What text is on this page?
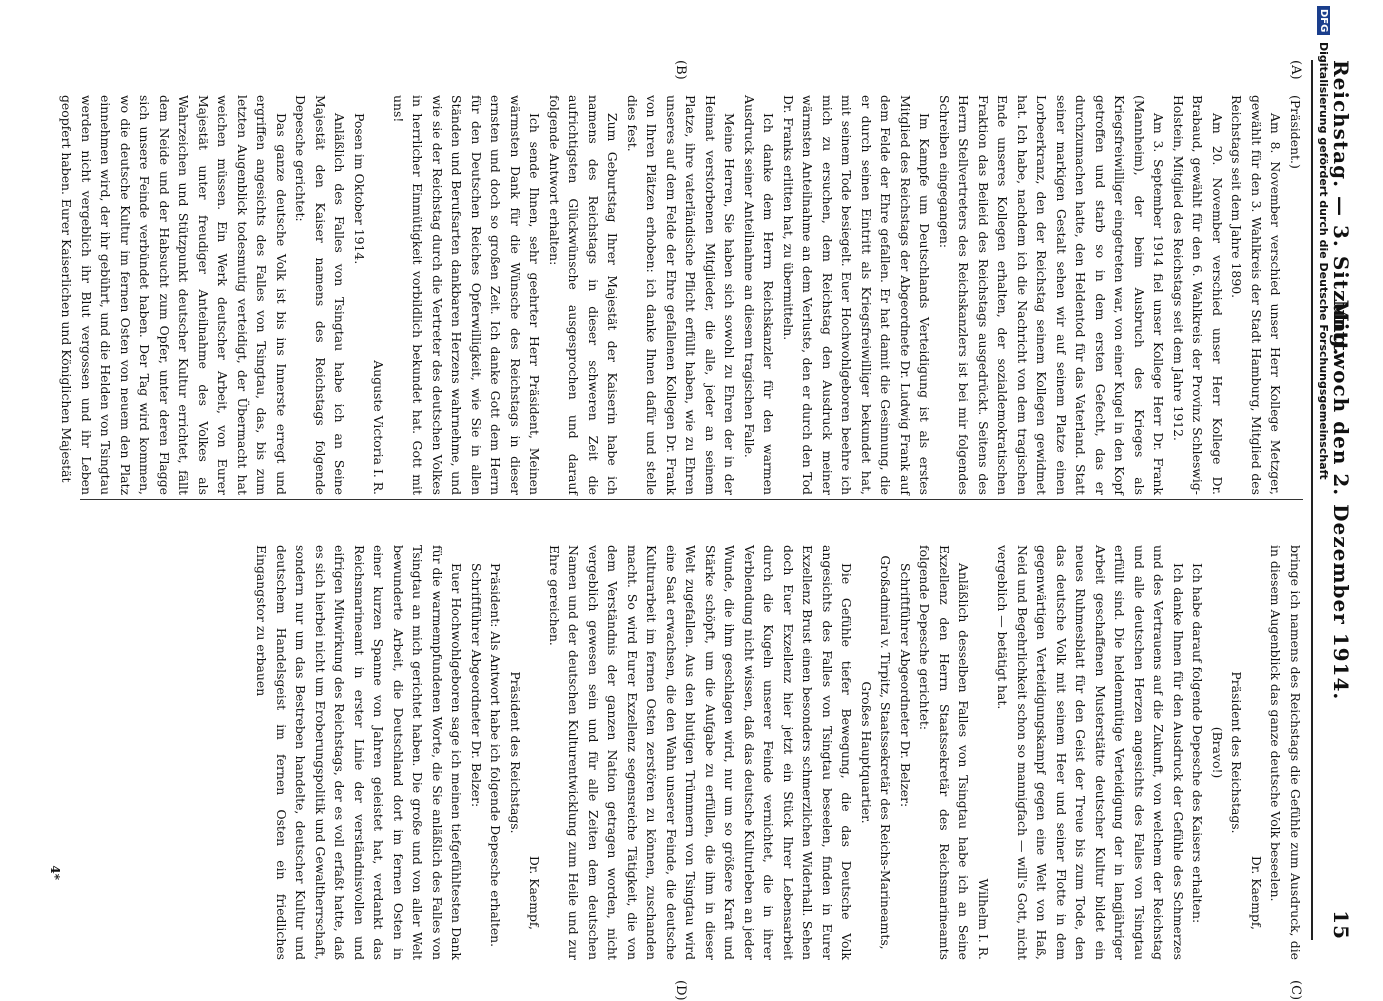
Reichstag. — 3. Sitzung.
Mittwoch den 2. Dezember 1914.
15
(A)
(B)
(C)
(D)

(Präsident.)

Am 8. November verschied unser Herr Kollege Metzger, gewählt für den 3. Wahlkreis der Stadt Hamburg, Mitglied des Reichstags seit dem Jahre 1890.

Am 20. November verschied unser Herr Kollege Dr. Brabaud, gewählt für den 6. Wahlkreis der Provinz Schleswig-Holstein, Mitglied des Reichstags seit dem Jahre 1912.

Am 3. September 1914 fiel unser Kollege Herr Dr. Frank (Mannheim), der beim Ausbruch des Krieges als Kriegsfreiwilliger eingetreten war, von einer Kugel in den Kopf getroffen und starb so in dem ersten Gefecht, das er durchzumachen hatte, den Heldentod für das Vaterland. Statt seiner markigen Gestalt sehen wir auf seinem Platze einen Lorbeerkranz, den der Reichstag seinem Kollegen gewidmet hat. Ich habe, nachdem ich die Nachricht von dem tragischen Ende unseres Kollegen erhalten, der sozialdemokratischen Fraktion das Beileid des Reichstags ausgedrückt. Seitens des Herrn Stellvertreters des Reichskanzlers ist bei mir folgendes Schreiben eingegangen:

Im Kampfe um Deutschlands Verteidigung ist als erstes Mitglied des Reichstags der Abgeordnete Dr. Ludwig Frank auf dem Felde der Ehre gefallen. Er hat damit die Gesinnung, die er durch seinen Eintritt als Kriegsfreiwilliger bekundet hat, mit seinem Tode besiegelt. Euer Hochwohlgeboren beehre ich mich zu ersuchen, dem Reichstag den Ausdruck meiner wärmsten Anteilnahme an dem Verluste, den er durch den Tod Dr. Franks erlitten hat, zu übermitteln.

Ich danke dem Herrn Reichskanzler für den warmen Ausdruck seiner Anteilnahme an diesem tragischen Falle.

Meine Herren, Sie haben sich sowohl zu Ehren der in der Heimat verstorbenen Mitglieder, die alle, jeder an seinem Platze, ihre vaterländische Pflicht erfüllt haben, wie zu Ehren unseres auf dem Felde der Ehre gefallenen Kollegen Dr. Frank von Ihren Plätzen erhoben: ich danke Ihnen dafür und stelle dies fest.

Zum Geburtstag Ihrer Majestät der Kaiserin habe ich namens des Reichstags in dieser schweren Zeit die aufrichtigsten Glückwünsche ausgesprochen und darauf folgende Antwort erhalten:

Ich sende Ihnen, sehr geehrter Herr Präsident, Meinen wärmsten Dank für die Wünsche des Reichstags in dieser ernsten und doch so großen Zeit. Ich danke Gott dem Herrn für den Deutschen Reiches Opferwilligkeit, wie Sie in allen Ständen und Berufsarten dankbaren Herzens wahrnehme, und wie sie der Reichstag durch die Vertreter des deutschen Volkes in herrlicher Einmütigkeit vorbildlich bekundet hat. Gott mit uns!

Auguste Victoria I. R.

Posen im Oktober 1914.

Anläßlich des Falles von Tsingtau habe ich an Seine Majestät den Kaiser namens des Reichstags folgende Depesche gerichtet:

Das ganze deutsche Volk ist bis ins Innerste erregt und ergriffen angesichts des Falles von Tsingtau, das, bis zum letzten Augenblick todesmutig verteidigt, der Übermacht hat weichen müssen. Ein Werk deutscher Arbeit, von Eurer Majestät unter freudiger Anteilnahme des Volkes als Wahrzeichen und Stützpunkt deutscher Kultur errichtet, fällt dem Neide und der Habsucht zum Opfer, unter deren Flagge sich unsere Feinde verbündet haben. Der Tag wird kommen, wo die deutsche Kultur im fernen Osten von neuem den Platz einnehmen wird, der ihr gebührt, und die Helden von Tsingtau werden nicht vergeblich ihr Blut vergossen und ihr Leben geopfert haben. Eurer Kaiserlichen und Königlichen Majestät

bringe ich namens des Reichstags die Gefühle zum Ausdruck, die in diesem Augenblick das ganze deutsche Volk beseelen.

Dr. Kaempf,

Präsident des Reichstags.

(Bravo!)

Ich habe darauf folgende Depesche des Kaisers erhalten:

Ich danke Ihnen für den Ausdruck der Gefühle des Schmerzes und des Vertrauens auf die Zukunft, von welchem der Reichstag und alle deutschen Herzen angesichts des Falles von Tsingtau erfüllt sind. Die heldenmütige Verteidigung der in langjähriger Arbeit geschaffenen Musterstätte deutscher Kultur bildet ein neues Ruhmesblatt für den Geist der Treue bis zum Tode, den das deutsche Volk mit seinem Heer und seiner Flotte in dem gegenwärtigen Verteidigungskampf gegen eine Welt von Haß, Neid und Begehrlichkeit schon so mannigfach — will's Gott, nicht vergeblich — betätigt hat.

Wilhelm I. R.

Anläßlich desselben Falles von Tsingtau habe ich an Seine Exzellenz den Herrn Staatssekretär des Reichsmarineamts folgende Depesche gerichtet:

Schriftführer Abgeordneter Dr. Belzer:

Großadmiral v. Tirpitz, Staatssekretär des Reichs-Marineamts, Großes Hauptquartier.

Die Gefühle tiefer Bewegung, die das Deutsche Volk angesichts des Falles von Tsingtau beseelen, finden in Eurer Exzellenz Brust einen besonders schmerzlichen Widerhall. Sehen doch Euer Exzellenz hier jetzt ein Stück Ihrer Lebensarbeit durch die Kugeln unserer Feinde vernichtet, die in ihrer Verblendung nicht wissen, daß das deutsche Kulturleben an jeder Wunde, die ihm geschlagen wird, nur um so größere Kraft und Stärke schöpft, um die Aufgabe zu erfüllen, die ihm in dieser Welt zugefallen. Aus den blutigen Trümmern von Tsingtau wird eine Saat erwachsen, die den Wahn unserer Feinde, die deutsche Kulturarbeit im fernen Osten zerstören zu können, zuschanden macht. So wird Eurer Exzellenz segensreiche Tätigkeit, die von dem Verständnis der ganzen Nation getragen worden, nicht vergeblich gewesen sein und für alle Zeiten dem deutschen Namen und der deutschen Kulturentwicklung zum Heile und zur Ehre gereichen.

Dr. Kaempf,

Präsident des Reichstags.

Präsident: Als Antwort habe ich folgende Depesche erhalten.

Schriftführer Abgeordneter Dr. Belzer:

Euer Hochwohlgeboren sage ich meinen tiefgefühltesten Dank für die warmempfundenen Worte, die Sie anläßlich des Falles von Tsingtau an mich gerichtet haben. Die große und von aller Welt bewunderte Arbeit, die Deutschland dort im fernen Osten in einer kurzen Spanne von Jahren geleistet hat, verdankt das Reichsmarineamt in erster Linie der verständnisvollen und eifrigen Mitwirkung des Reichstags, der es voll erfaßt hatte, daß es sich hierbei nicht um Eroberungspolitik und Gewaltherrschaft, sondern nur um das Bestreben handelte, deutscher Kultur und deutschem Handelsgeist im fernen Osten ein friedliches Eingangstor zu erbauen

4*
DFG
Digitalisierung gefördert durch die Deutsche Forschungsgemeinschaft
